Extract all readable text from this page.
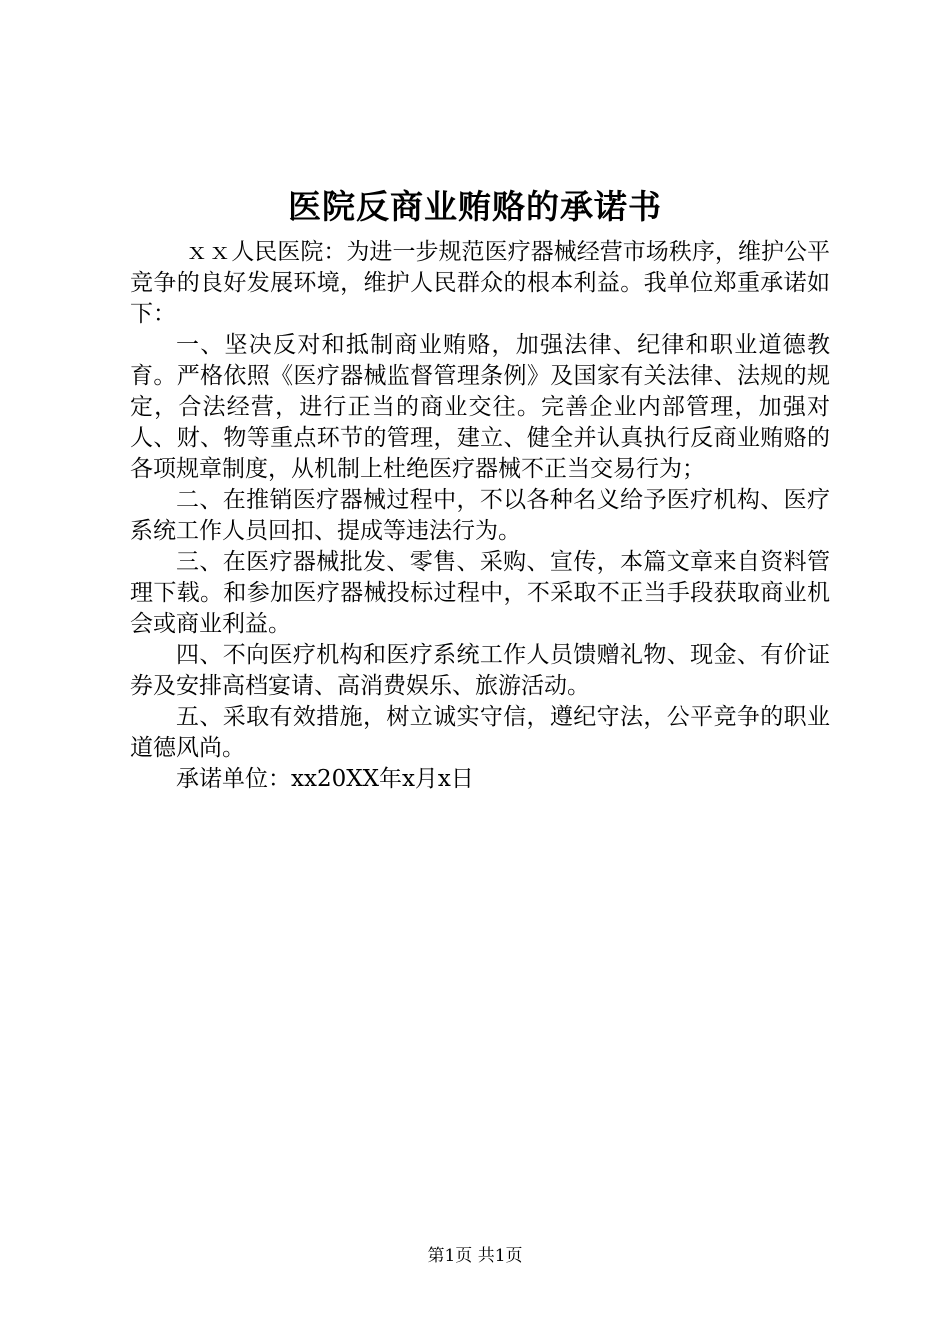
医院反商业贿赂的承诺书

ｘｘ人民医院：为进一步规范医疗器械经营市场秩序，维护公平竞争的良好发展环境，维护人民群众的根本利益。我单位郑重承诺如下：

一、坚决反对和抵制商业贿赂，加强法律、纪律和职业道德教育。严格依照《医疗器械监督管理条例》及国家有关法律、法规的规定，合法经营，进行正当的商业交往。完善企业内部管理，加强对人、财、物等重点环节的管理，建立、健全并认真执行反商业贿赂的各项规章制度，从机制上杜绝医疗器械不正当交易行为；

二、在推销医疗器械过程中，不以各种名义给予医疗机构、医疗系统工作人员回扣、提成等违法行为。

三、在医疗器械批发、零售、采购、宣传，本篇文章来自资料管理下载。和参加医疗器械投标过程中，不采取不正当手段获取商业机会或商业利益。

四、不向医疗机构和医疗系统工作人员馈赠礼物、现金、有价证券及安排高档宴请、高消费娱乐、旅游活动。

五、采取有效措施，树立诚实守信，遵纪守法，公平竞争的职业道德风尚。

承诺单位：xx20XX年x月x日

第1页 共1页
